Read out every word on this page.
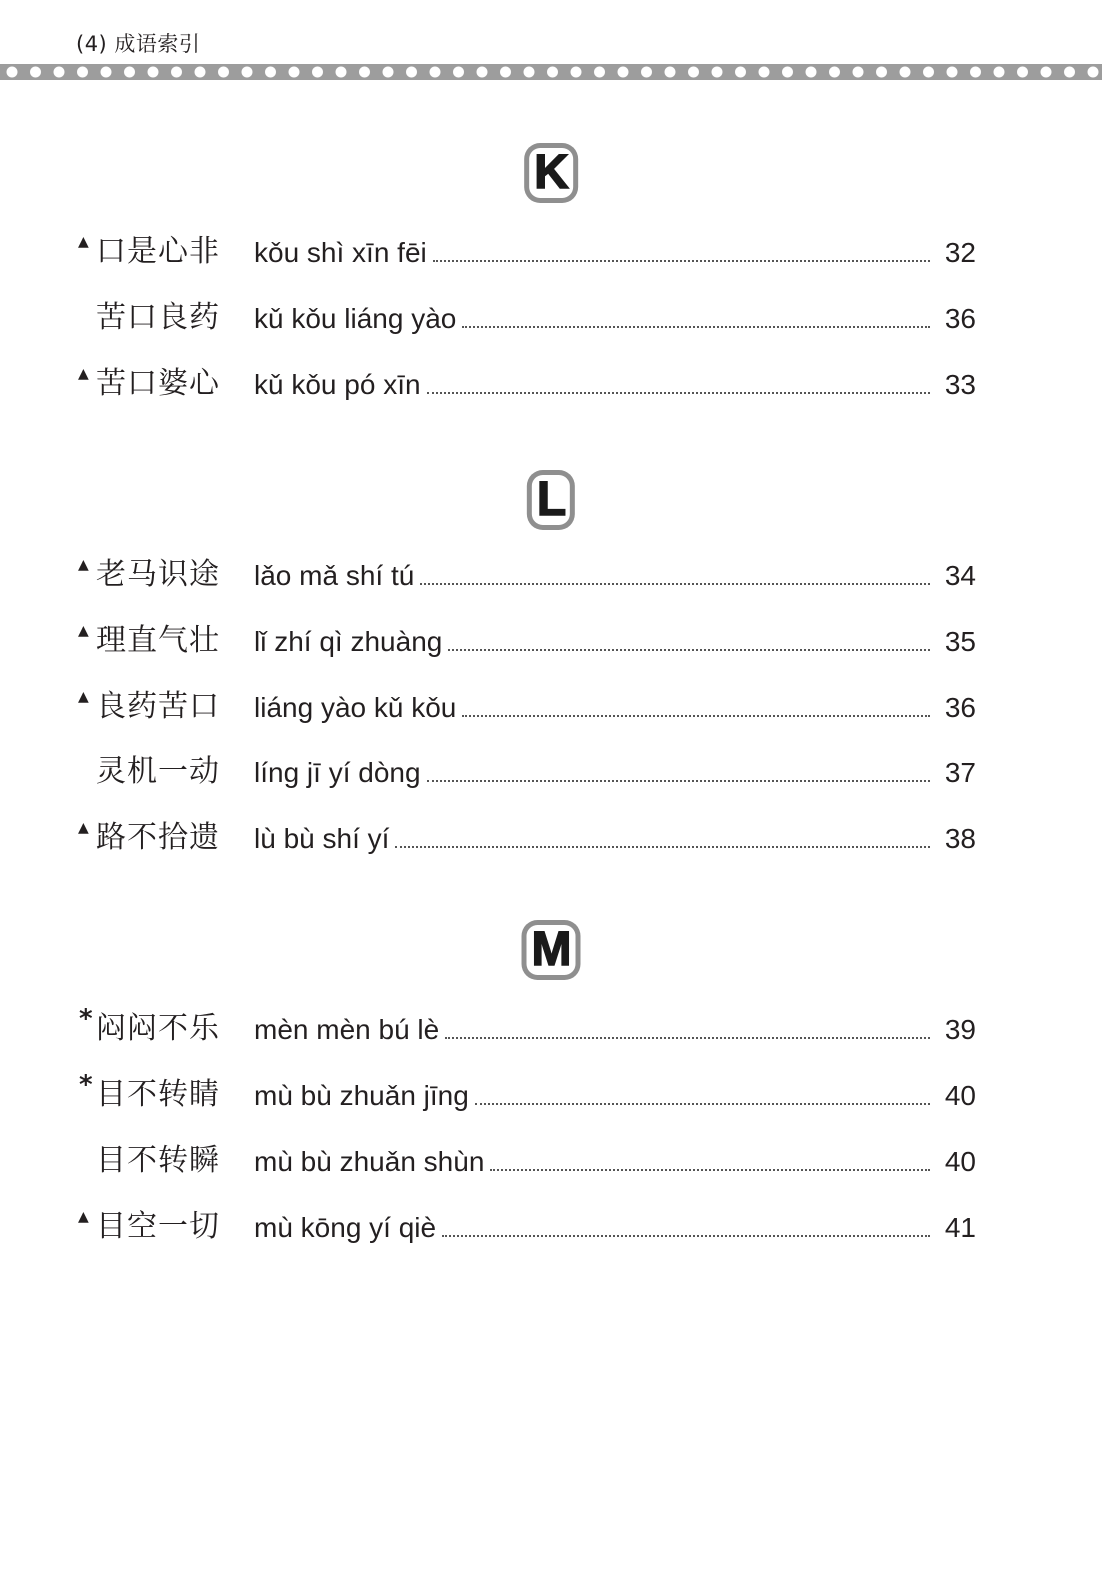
(4) 成语索引
K
▲ 口是心非 kǒu shì xīn fēi	32
苦口良药 kǔ kǒu liáng yào	36
▲ 苦口婆心 kǔ kǒu pó xīn	33
L
▲ 老马识途 lǎo mǎ shí tú	34
▲ 理直气壮 lǐ zhí qì zhuàng	35
▲ 良药苦口 liáng yào kǔ kǒu	36
灵机一动 líng jī yí dòng	37
▲ 路不拾遗 lù bù shí yí	38
M
* 闷闷不乐 mèn mèn bú lè	39
* 目不转睛 mù bù zhuǎn jīng	40
目不转瞬 mù bù zhuǎn shùn	40
▲ 目空一切 mù kōng yí qiè	41
